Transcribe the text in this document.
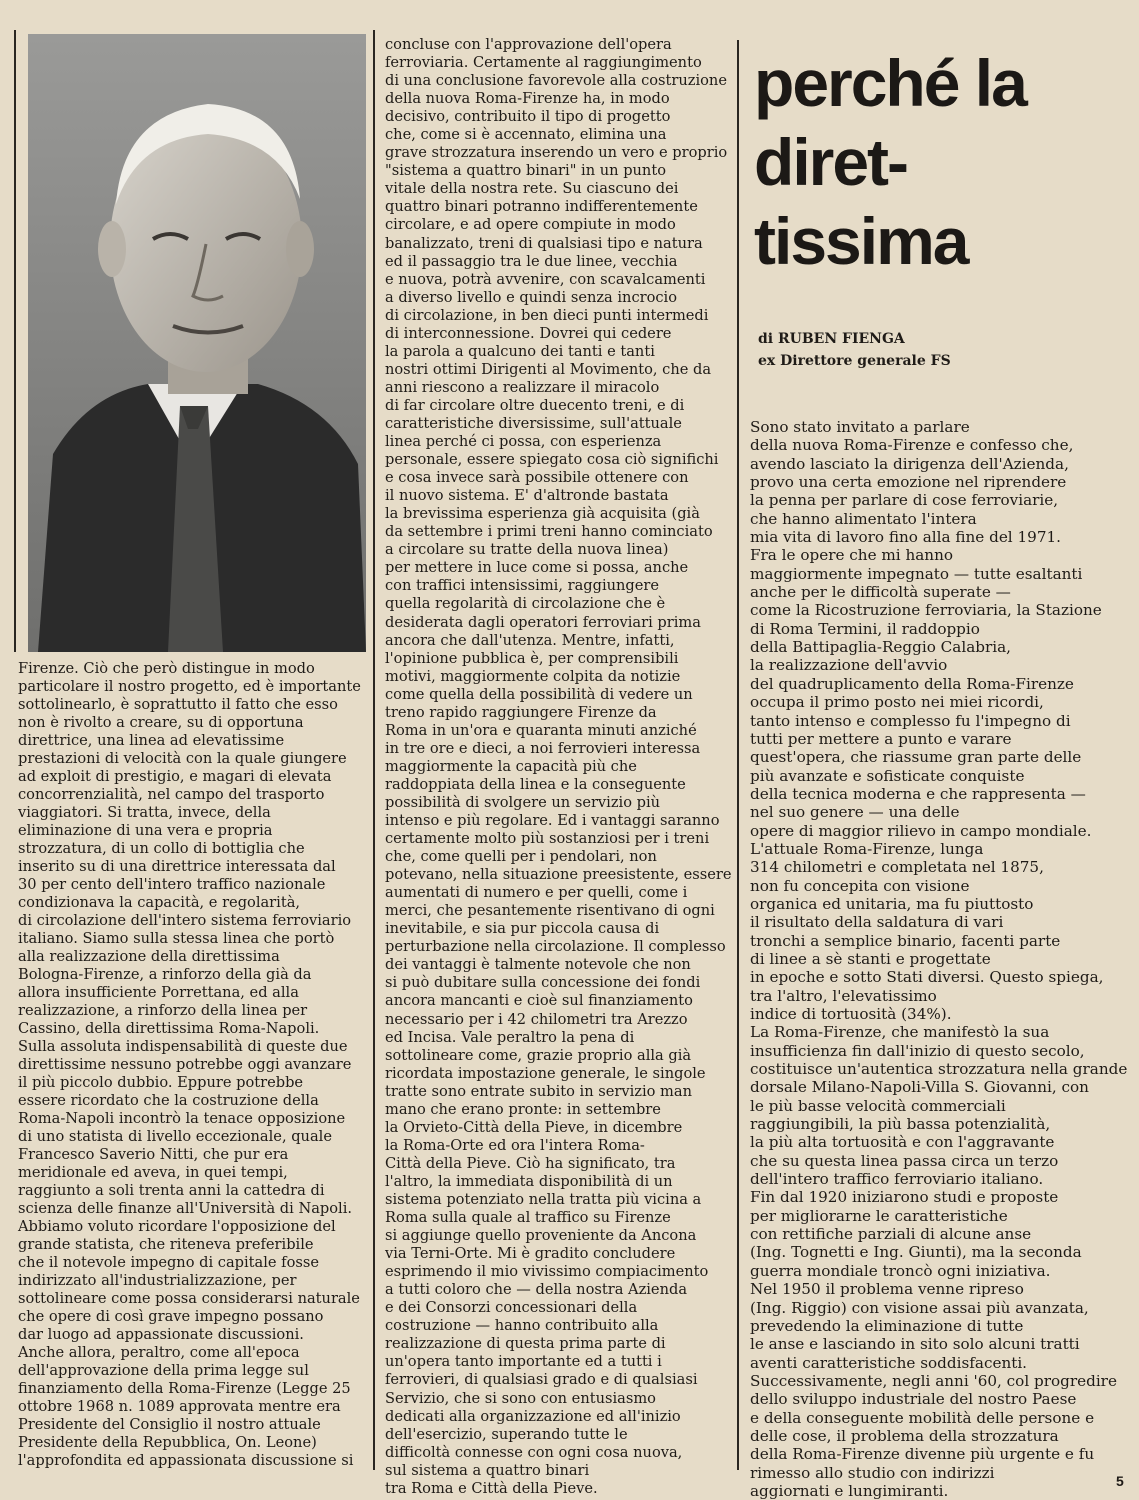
Firenze. Ciò che però distingue in modo

particolare il nostro progetto, ed è importante

sottolinearlo, è soprattutto il fatto che esso

non è rivolto a creare, su di opportuna

direttrice, una linea ad elevatissime

prestazioni di velocità con la quale giungere

ad exploit di prestigio, e magari di elevata

concorrenzialità, nel campo del trasporto

viaggiatori. Si tratta, invece, della

eliminazione di una vera e propria

strozzatura, di un collo di bottiglia che

inserito su di una direttrice interessata dal

30 per cento dell'intero traffico nazionale

condizionava la capacità, e regolarità,

di circolazione dell'intero sistema ferroviario

italiano. Siamo sulla stessa linea che portò

alla realizzazione della direttissima

Bologna-Firenze, a rinforzo della già da

allora insufficiente Porrettana, ed alla

realizzazione, a rinforzo della linea per

Cassino, della direttissima Roma-Napoli.

Sulla assoluta indispensabilità di queste due

direttissime nessuno potrebbe oggi avanzare

il più piccolo dubbio. Eppure potrebbe

essere ricordato che la costruzione della

Roma-Napoli incontrò la tenace opposizione

di uno statista di livello eccezionale, quale

Francesco Saverio Nitti, che pur era

meridionale ed aveva, in quei tempi,

raggiunto a soli trenta anni la cattedra di

scienza delle finanze all'Università di Napoli.

Abbiamo voluto ricordare l'opposizione del

grande statista, che riteneva preferibile

che il notevole impegno di capitale fosse

indirizzato all'industrializzazione, per

sottolineare come possa considerarsi naturale

che opere di così grave impegno possano

dar luogo ad appassionate discussioni.

Anche allora, peraltro, come all'epoca

dell'approvazione della prima legge sul

finanziamento della Roma-Firenze (Legge 25

ottobre 1968 n. 1089 approvata mentre era

Presidente del Consiglio il nostro attuale

Presidente della Repubblica, On. Leone)

l'approfondita ed appassionata discussione si

concluse con l'approvazione dell'opera

ferroviaria. Certamente al raggiungimento

di una conclusione favorevole alla costruzione

della nuova Roma-Firenze ha, in modo

decisivo, contribuito il tipo di progetto

che, come si è accennato, elimina una

grave strozzatura inserendo un vero e proprio

"sistema a quattro binari" in un punto

vitale della nostra rete. Su ciascuno dei

quattro binari potranno indifferentemente

circolare, e ad opere compiute in modo

banalizzato, treni di qualsiasi tipo e natura

ed il passaggio tra le due linee, vecchia

e nuova, potrà avvenire, con scavalcamenti

a diverso livello e quindi senza incrocio

di circolazione, in ben dieci punti intermedi

di interconnessione. Dovrei qui cedere

la parola a qualcuno dei tanti e tanti

nostri ottimi Dirigenti al Movimento, che da

anni riescono a realizzare il miracolo

di far circolare oltre duecento treni, e di

caratteristiche diversissime, sull'attuale

linea perché ci possa, con esperienza

personale, essere spiegato cosa ciò significhi

e cosa invece sarà possibile ottenere con

il nuovo sistema. E' d'altronde bastata

la brevissima esperienza già acquisita (già

da settembre i primi treni hanno cominciato

a circolare su tratte della nuova linea)

per mettere in luce come si possa, anche

con traffici intensissimi, raggiungere

quella regolarità di circolazione che è

desiderata dagli operatori ferroviari prima

ancora che dall'utenza. Mentre, infatti,

l'opinione pubblica è, per comprensibili

motivi, maggiormente colpita da notizie

come quella della possibilità di vedere un

treno rapido raggiungere Firenze da

Roma in un'ora e quaranta minuti anziché

in tre ore e dieci, a noi ferrovieri interessa

maggiormente la capacità più che

raddoppiata della linea e la conseguente

possibilità di svolgere un servizio più

intenso e più regolare. Ed i vantaggi saranno

certamente molto più sostanziosi per i treni

che, come quelli per i pendolari, non

potevano, nella situazione preesistente, essere

aumentati di numero e per quelli, come i

merci, che pesantemente risentivano di ogni

inevitabile, e sia pur piccola causa di

perturbazione nella circolazione. Il complesso

dei vantaggi è talmente notevole che non

si può dubitare sulla concessione dei fondi

ancora mancanti e cioè sul finanziamento

necessario per i 42 chilometri tra Arezzo

ed Incisa. Vale peraltro la pena di

sottolineare come, grazie proprio alla già

ricordata impostazione generale, le singole

tratte sono entrate subito in servizio man

mano che erano pronte: in settembre

la Orvieto-Città della Pieve, in dicembre

la Roma-Orte ed ora l'intera Roma-

Città della Pieve. Ciò ha significato, tra

l'altro, la immediata disponibilità di un

sistema potenziato nella tratta più vicina a

Roma sulla quale al traffico su Firenze

si aggiunge quello proveniente da Ancona

via Terni-Orte. Mi è gradito concludere

esprimendo il mio vivissimo compiacimento

a tutti coloro che — della nostra Azienda

e dei Consorzi concessionari della

costruzione — hanno contribuito alla

realizzazione di questa prima parte di

un'opera tanto importante ed a tutti i

ferrovieri, di qualsiasi grado e di qualsiasi

Servizio, che si sono con entusiasmo

dedicati alla organizzazione ed all'inizio

dell'esercizio, superando tutte le

difficoltà connesse con ogni cosa nuova,

sul sistema a quattro binari

tra Roma e Città della Pieve.

perché la
diret-
tissima
di RUBEN FIENGA
ex Direttore generale FS

Sono stato invitato a parlare

della nuova Roma-Firenze e confesso che,

avendo lasciato la dirigenza dell'Azienda,

provo una certa emozione nel riprendere

la penna per parlare di cose ferroviarie,

che hanno alimentato l'intera

mia vita di lavoro fino alla fine del 1971.

Fra le opere che mi hanno

maggiormente impegnato — tutte esaltanti

anche per le difficoltà superate —

come la Ricostruzione ferroviaria, la Stazione

di Roma Termini, il raddoppio

della Battipaglia-Reggio Calabria,

la realizzazione dell'avvio

del quadruplicamento della Roma-Firenze

occupa il primo posto nei miei ricordi,

tanto intenso e complesso fu l'impegno di

tutti per mettere a punto e varare

quest'opera, che riassume gran parte delle

più avanzate e sofisticate conquiste

della tecnica moderna e che rappresenta —

nel suo genere — una delle

opere di maggior rilievo in campo mondiale.

L'attuale Roma-Firenze, lunga

314 chilometri e completata nel 1875,

non fu concepita con visione

organica ed unitaria, ma fu piuttosto

il risultato della saldatura di vari

tronchi a semplice binario, facenti parte

di linee a sè stanti e progettate

in epoche e sotto Stati diversi. Questo spiega,

tra l'altro, l'elevatissimo

indice di tortuosità (34%).

La Roma-Firenze, che manifestò la sua

insufficienza fin dall'inizio di questo secolo,

costituisce un'autentica strozzatura nella grande

dorsale Milano-Napoli-Villa S. Giovanni, con

le più basse velocità commerciali

raggiungibili, la più bassa potenzialità,

la più alta tortuosità e con l'aggravante

che su questa linea passa circa un terzo

dell'intero traffico ferroviario italiano.

Fin dal 1920 iniziarono studi e proposte

per migliorarne le caratteristiche

con rettifiche parziali di alcune anse

(Ing. Tognetti e Ing. Giunti), ma la seconda

guerra mondiale troncò ogni iniziativa.

Nel 1950 il problema venne ripreso

(Ing. Riggio) con visione assai più avanzata,

prevedendo la eliminazione di tutte

le anse e lasciando in sito solo alcuni tratti

aventi caratteristiche soddisfacenti.

Successivamente, negli anni '60, col progredire

dello sviluppo industriale del nostro Paese

e della conseguente mobilità delle persone e

delle cose, il problema della strozzatura

della Roma-Firenze divenne più urgente e fu

rimesso allo studio con indirizzi

aggiornati e lungimiranti.

5
